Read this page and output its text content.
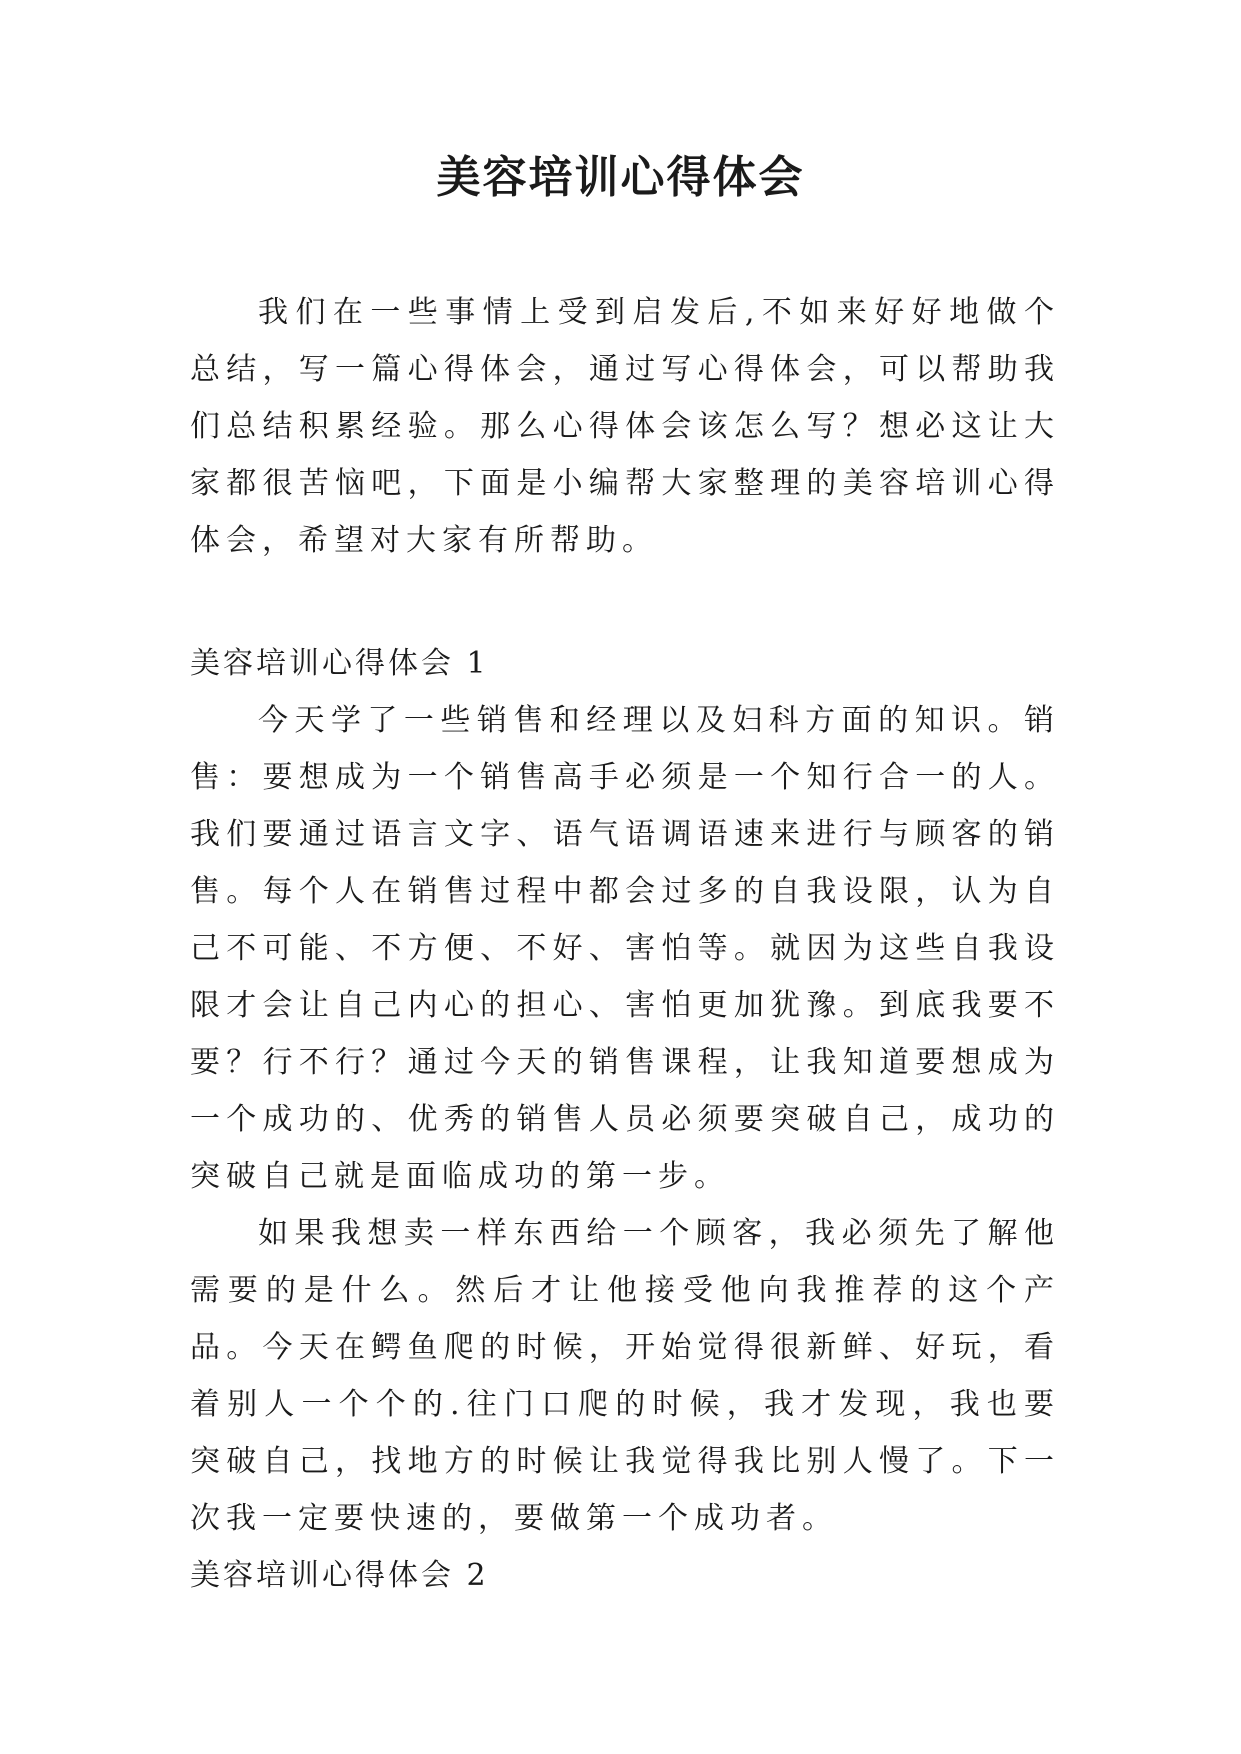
美容培训心得体会

我们在一些事情上受到启发后,不如来好好地做个总结，写一篇心得体会，通过写心得体会，可以帮助我们总结积累经验。那么心得体会该怎么写？想必这让大家都很苦恼吧，下面是小编帮大家整理的美容培训心得体会，希望对大家有所帮助。

美容培训心得体会 1

今天学了一些销售和经理以及妇科方面的知识。销售：要想成为一个销售高手必须是一个知行合一的人。我们要通过语言文字、语气语调语速来进行与顾客的销售。每个人在销售过程中都会过多的自我设限，认为自己不可能、不方便、不好、害怕等。就因为这些自我设限才会让自己内心的担心、害怕更加犹豫。到底我要不要？行不行？通过今天的销售课程，让我知道要想成为一个成功的、优秀的销售人员必须要突破自己，成功的突破自己就是面临成功的第一步。

如果我想卖一样东西给一个顾客，我必须先了解他需要的是什么。然后才让他接受他向我推荐的这个产品。今天在鳄鱼爬的时候，开始觉得很新鲜、好玩，看着别人一个个的.往门口爬的时候，我才发现，我也要突破自己，找地方的时候让我觉得我比别人慢了。下一次我一定要快速的，要做第一个成功者。

美容培训心得体会 2
